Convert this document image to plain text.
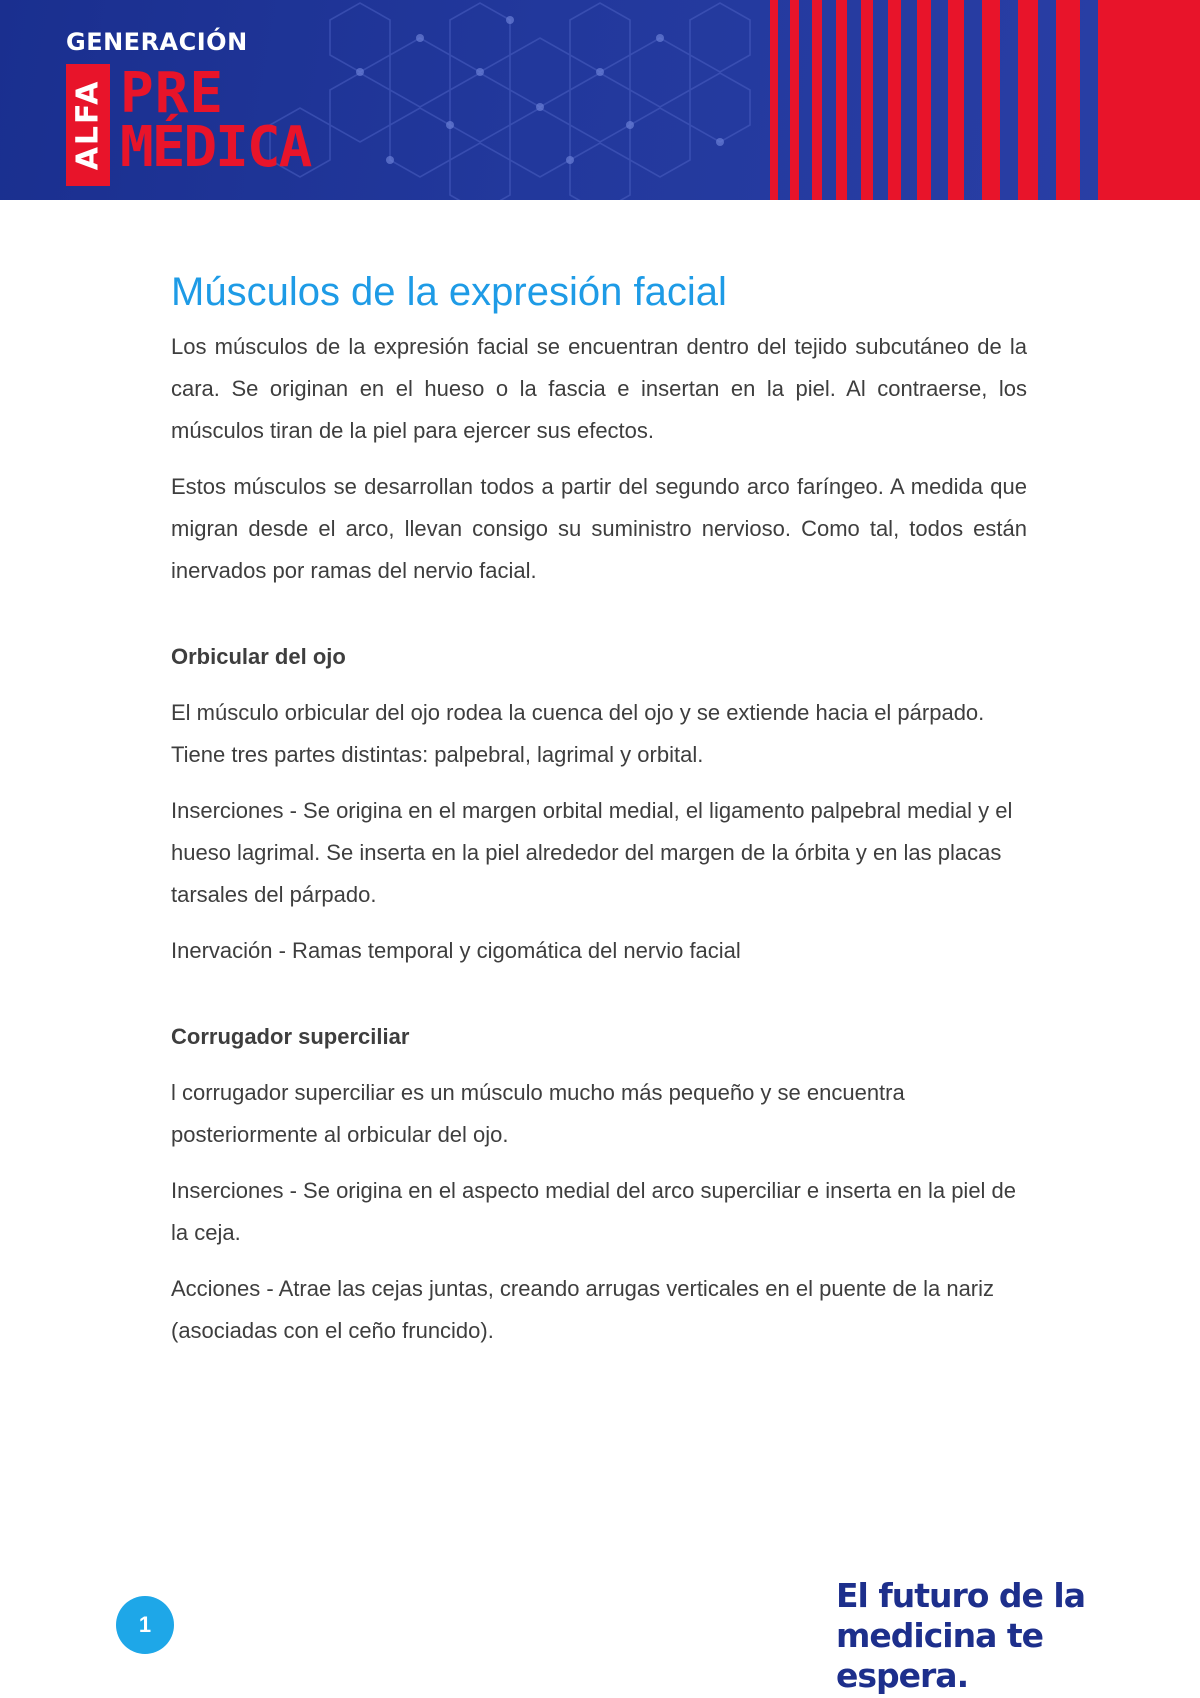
GENERACIÓN
ALFA PRE
MÉDICA
Músculos de la expresión facial

Los músculos de la expresión facial se encuentran dentro del tejido subcutáneo de la cara. Se originan en el hueso o la fascia e insertan en la piel. Al contraerse, los músculos tiran de la piel para ejercer sus efectos.

Estos músculos se desarrollan todos a partir del segundo arco faríngeo. A medida que migran desde el arco, llevan consigo su suministro nervioso. Como tal, todos están inervados por ramas del nervio facial.

Orbicular del ojo

El músculo orbicular del ojo rodea la cuenca del ojo y se extiende hacia el párpado. Tiene tres partes distintas: palpebral, lagrimal y orbital.

Inserciones - Se origina en el margen orbital medial, el ligamento palpebral medial y el hueso lagrimal. Se inserta en la piel alrededor del margen de la órbita y en las placas tarsales del párpado.

Inervación - Ramas temporal y cigomática del nervio facial

Corrugador superciliar

l corrugador superciliar es un músculo mucho más pequeño y se encuentra posteriormente al orbicular del ojo.

Inserciones - Se origina en el aspecto medial del arco superciliar e inserta en la piel de la ceja.

Acciones - Atrae las cejas juntas, creando arrugas verticales en el puente de la nariz (asociadas con el ceño fruncido).

1
El futuro de la
medicina te espera.
